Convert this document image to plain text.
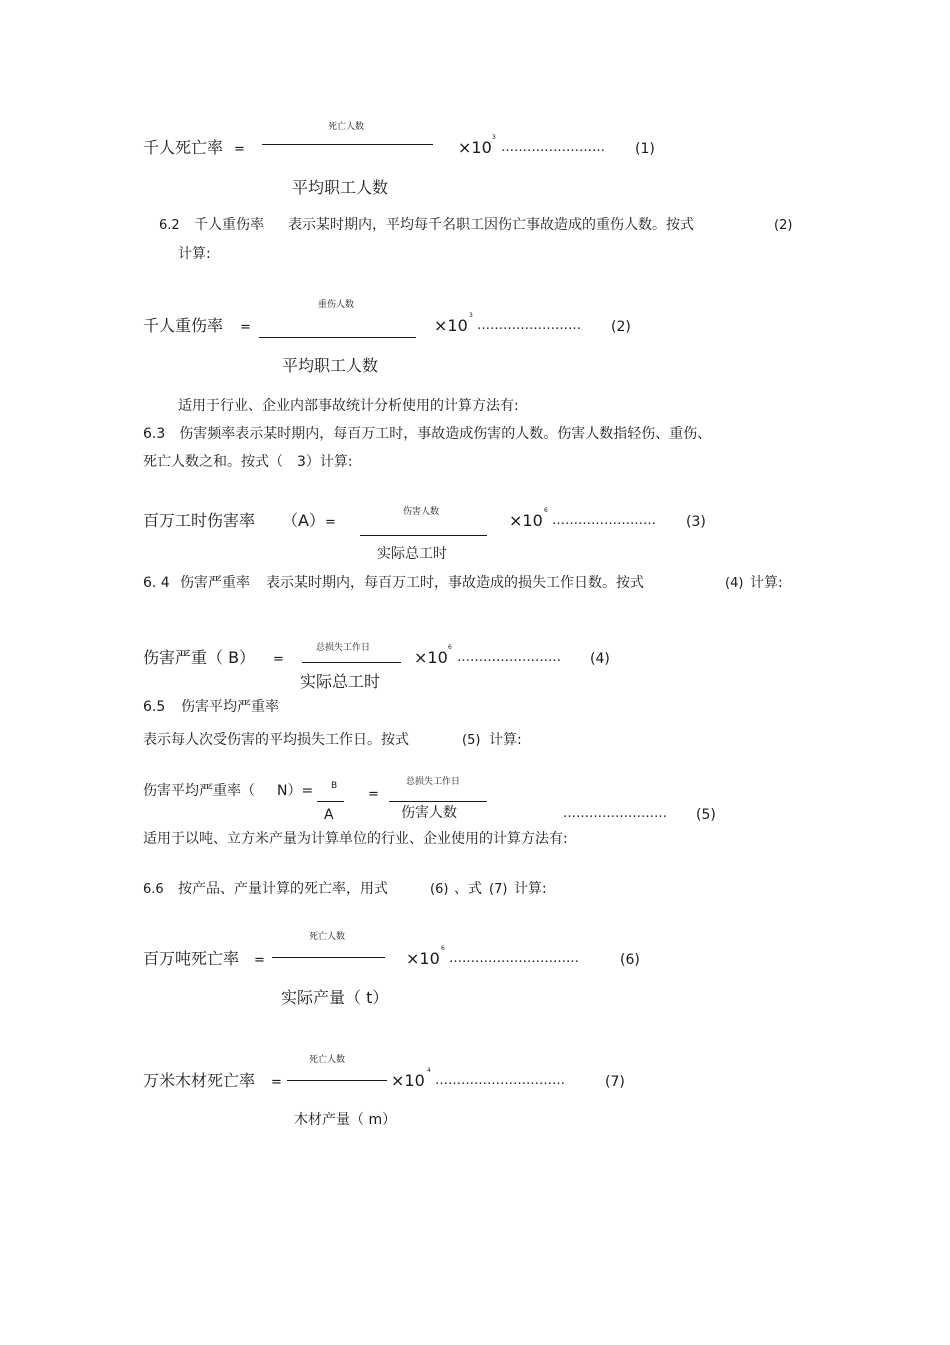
死亡人数
千人死亡率 =	×10
3
…………………… (1)
平均职工人数
6.2 千人重伤率 表示某时期内，平均每千名职工因伤亡事故造成的重伤人数。按式	(2)
计算:
重伤人数
千人重伤率 =	×10
3
…………………… (2)
平均职工人数
适用于行业、企业内部事故统计分析使用的计算方法有:
6.3　伤害频率表示某时期内，每百万工时，事故造成伤害的人数。伤害人数指轻伤、重伤、
死亡人数之和。按式（　3）计算:
伤害人数
百万工时伤害率 （A） =	×10
6
…………………… (3)
实际总工时
6. 4 伤害严重率 表示某时期内，每百万工时，事故造成的损失工作日数。按式	(4) 计算:
总损失工作日
伤害严重（ B） =	×10
6
…………………… (4)
实际总工时
6.5 伤害平均严重率
表示每人次受伤害的平均损失工作日。按式	(5) 计算:
伤害平均严重率（ N）= B
A
=
总损失工作日
伤害人数	…………………… (5)
适用于以吨、立方米产量为计算单位的行业、企业使用的计算方法有:
6.6 按产品、产量计算的死亡率，用式	(6) 、式 (7) 计算:
死亡人数
百万吨死亡率 =	×10
6
…………………………	(6)
实际产量（ t）
死亡人数
万米木材死亡率 =	×10
4
…………………………	(7)
木材产量（ m）
